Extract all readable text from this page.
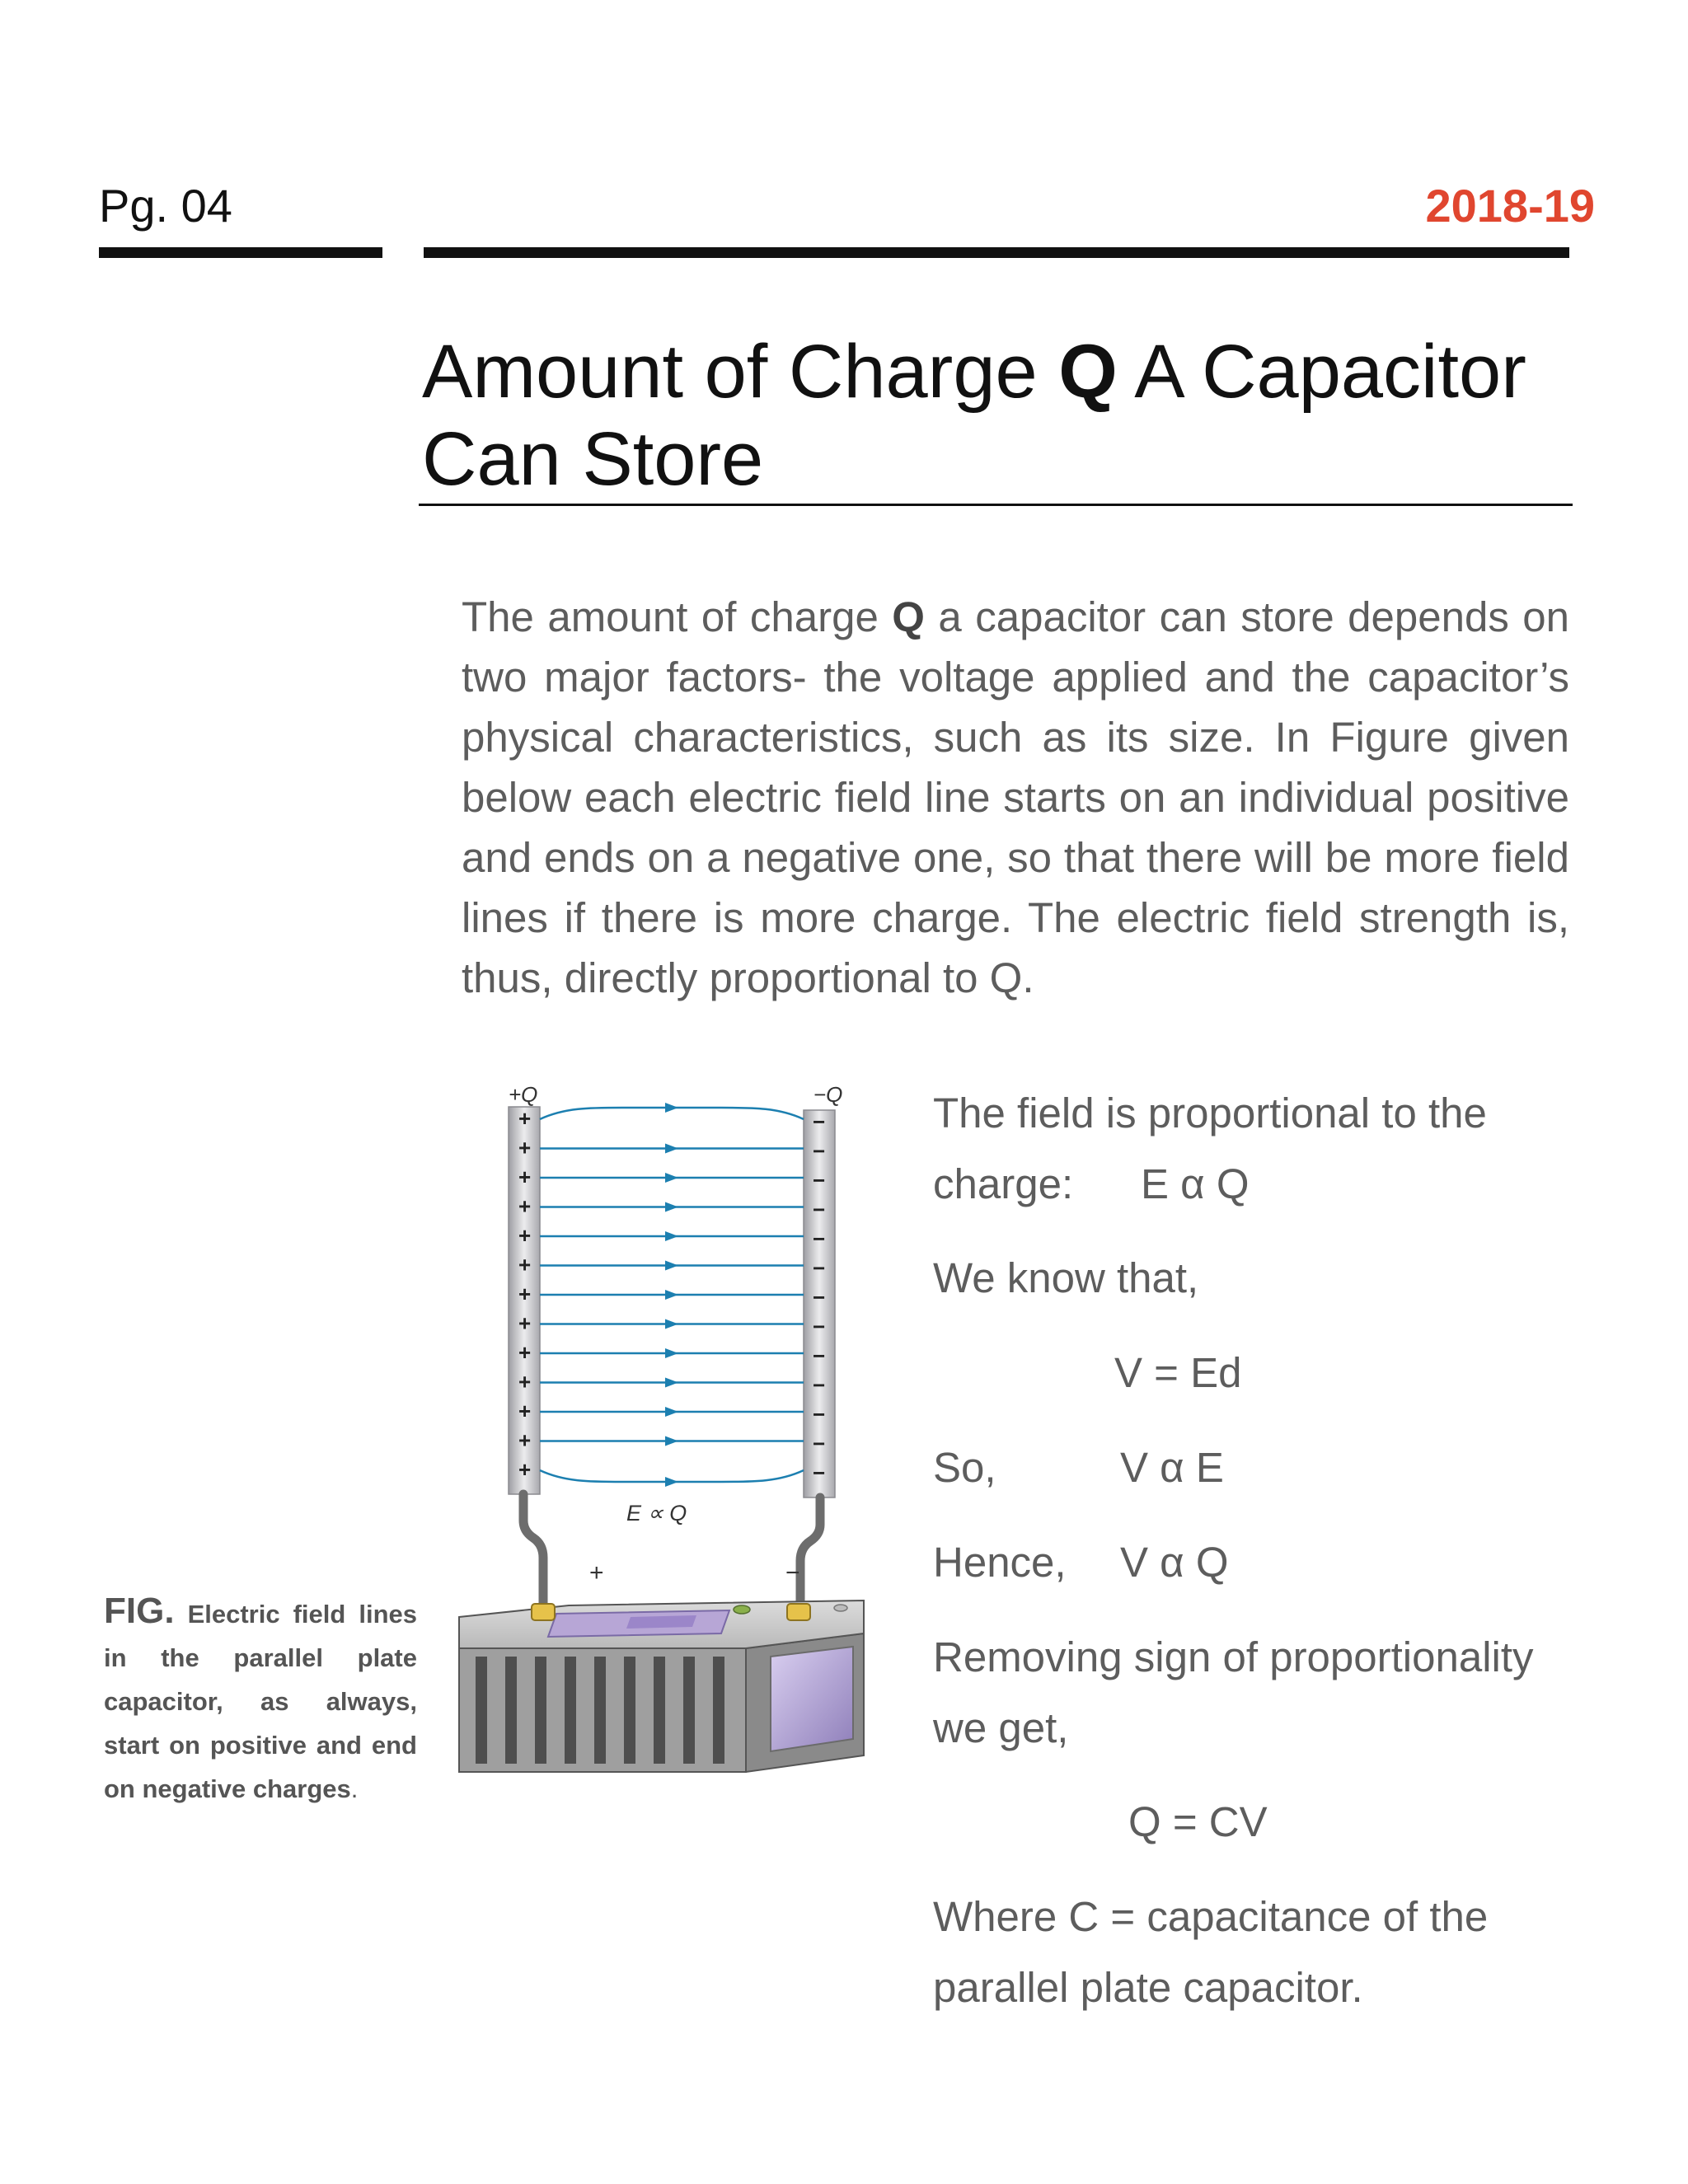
Pg. 04	2018-19
Amount of Charge Q A Capacitor
Can Store

The amount of charge Q a capacitor can store depends on two major factors- the voltage applied and the capacitor’s physical characteristics, such as its size. In Figure given below each electric field line starts on an individual positive and ends on a negative one, so that there will be more field lines if there is more charge. The electric field strength is, thus, directly proportional to Q.

+Q	−Q
+
+
+
+
+
+
+
+
+
+
+
+
+
−
−
−
−
−
−
−
−
−
−
−
−
−
E ∝ Q
+	−

FIG. Electric field lines in the parallel plate capacitor, as always, start on positive and end on negative charges.

The field is proportional to the
charge: E α Q
We know that,
V = Ed
So,	V α E
Hence, V α Q
Removing sign of proportionality
we get,
Q = CV
Where C = capacitance of the
parallel plate capacitor.
